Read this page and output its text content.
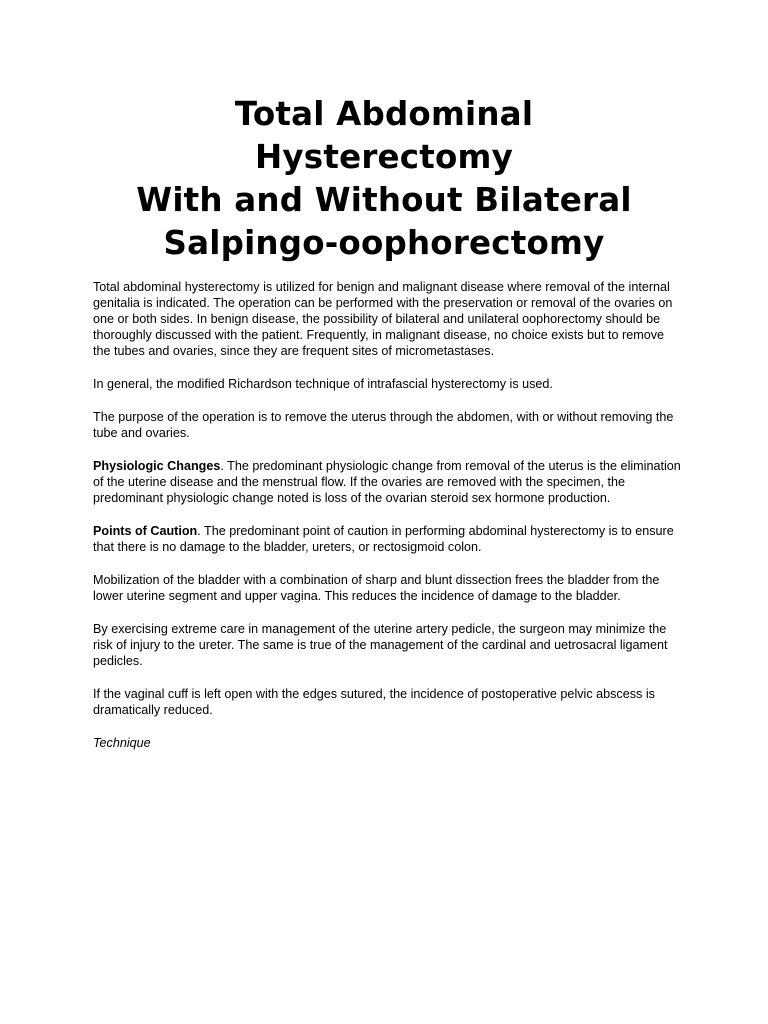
Total Abdominal
Hysterectomy
With and Without Bilateral
Salpingo-oophorectomy

Total abdominal hysterectomy is utilized for benign and malignant disease where removal of the internal genitalia is indicated. The operation can be performed with the preservation or removal of the ovaries on one or both sides. In benign disease, the possibility of bilateral and unilateral oophorectomy should be thoroughly discussed with the patient. Frequently, in malignant disease, no choice exists but to remove the tubes and ovaries, since they are frequent sites of micrometastases.

In general, the modified Richardson technique of intrafascial hysterectomy is used.

The purpose of the operation is to remove the uterus through the abdomen, with or without removing the tube and ovaries.

Physiologic Changes. The predominant physiologic change from removal of the uterus is the elimination of the uterine disease and the menstrual flow. If the ovaries are removed with the specimen, the predominant physiologic change noted is loss of the ovarian steroid sex hormone production.

Points of Caution. The predominant point of caution in performing abdominal hysterectomy is to ensure that there is no damage to the bladder, ureters, or rectosigmoid colon.

Mobilization of the bladder with a combination of sharp and blunt dissection frees the bladder from the lower uterine segment and upper vagina. This reduces the incidence of damage to the bladder.

By exercising extreme care in management of the uterine artery pedicle, the surgeon may minimize the risk of injury to the ureter. The same is true of the management of the cardinal and uetrosacral ligament pedicles.

If the vaginal cuff is left open with the edges sutured, the incidence of postoperative pelvic abscess is dramatically reduced.

Technique
